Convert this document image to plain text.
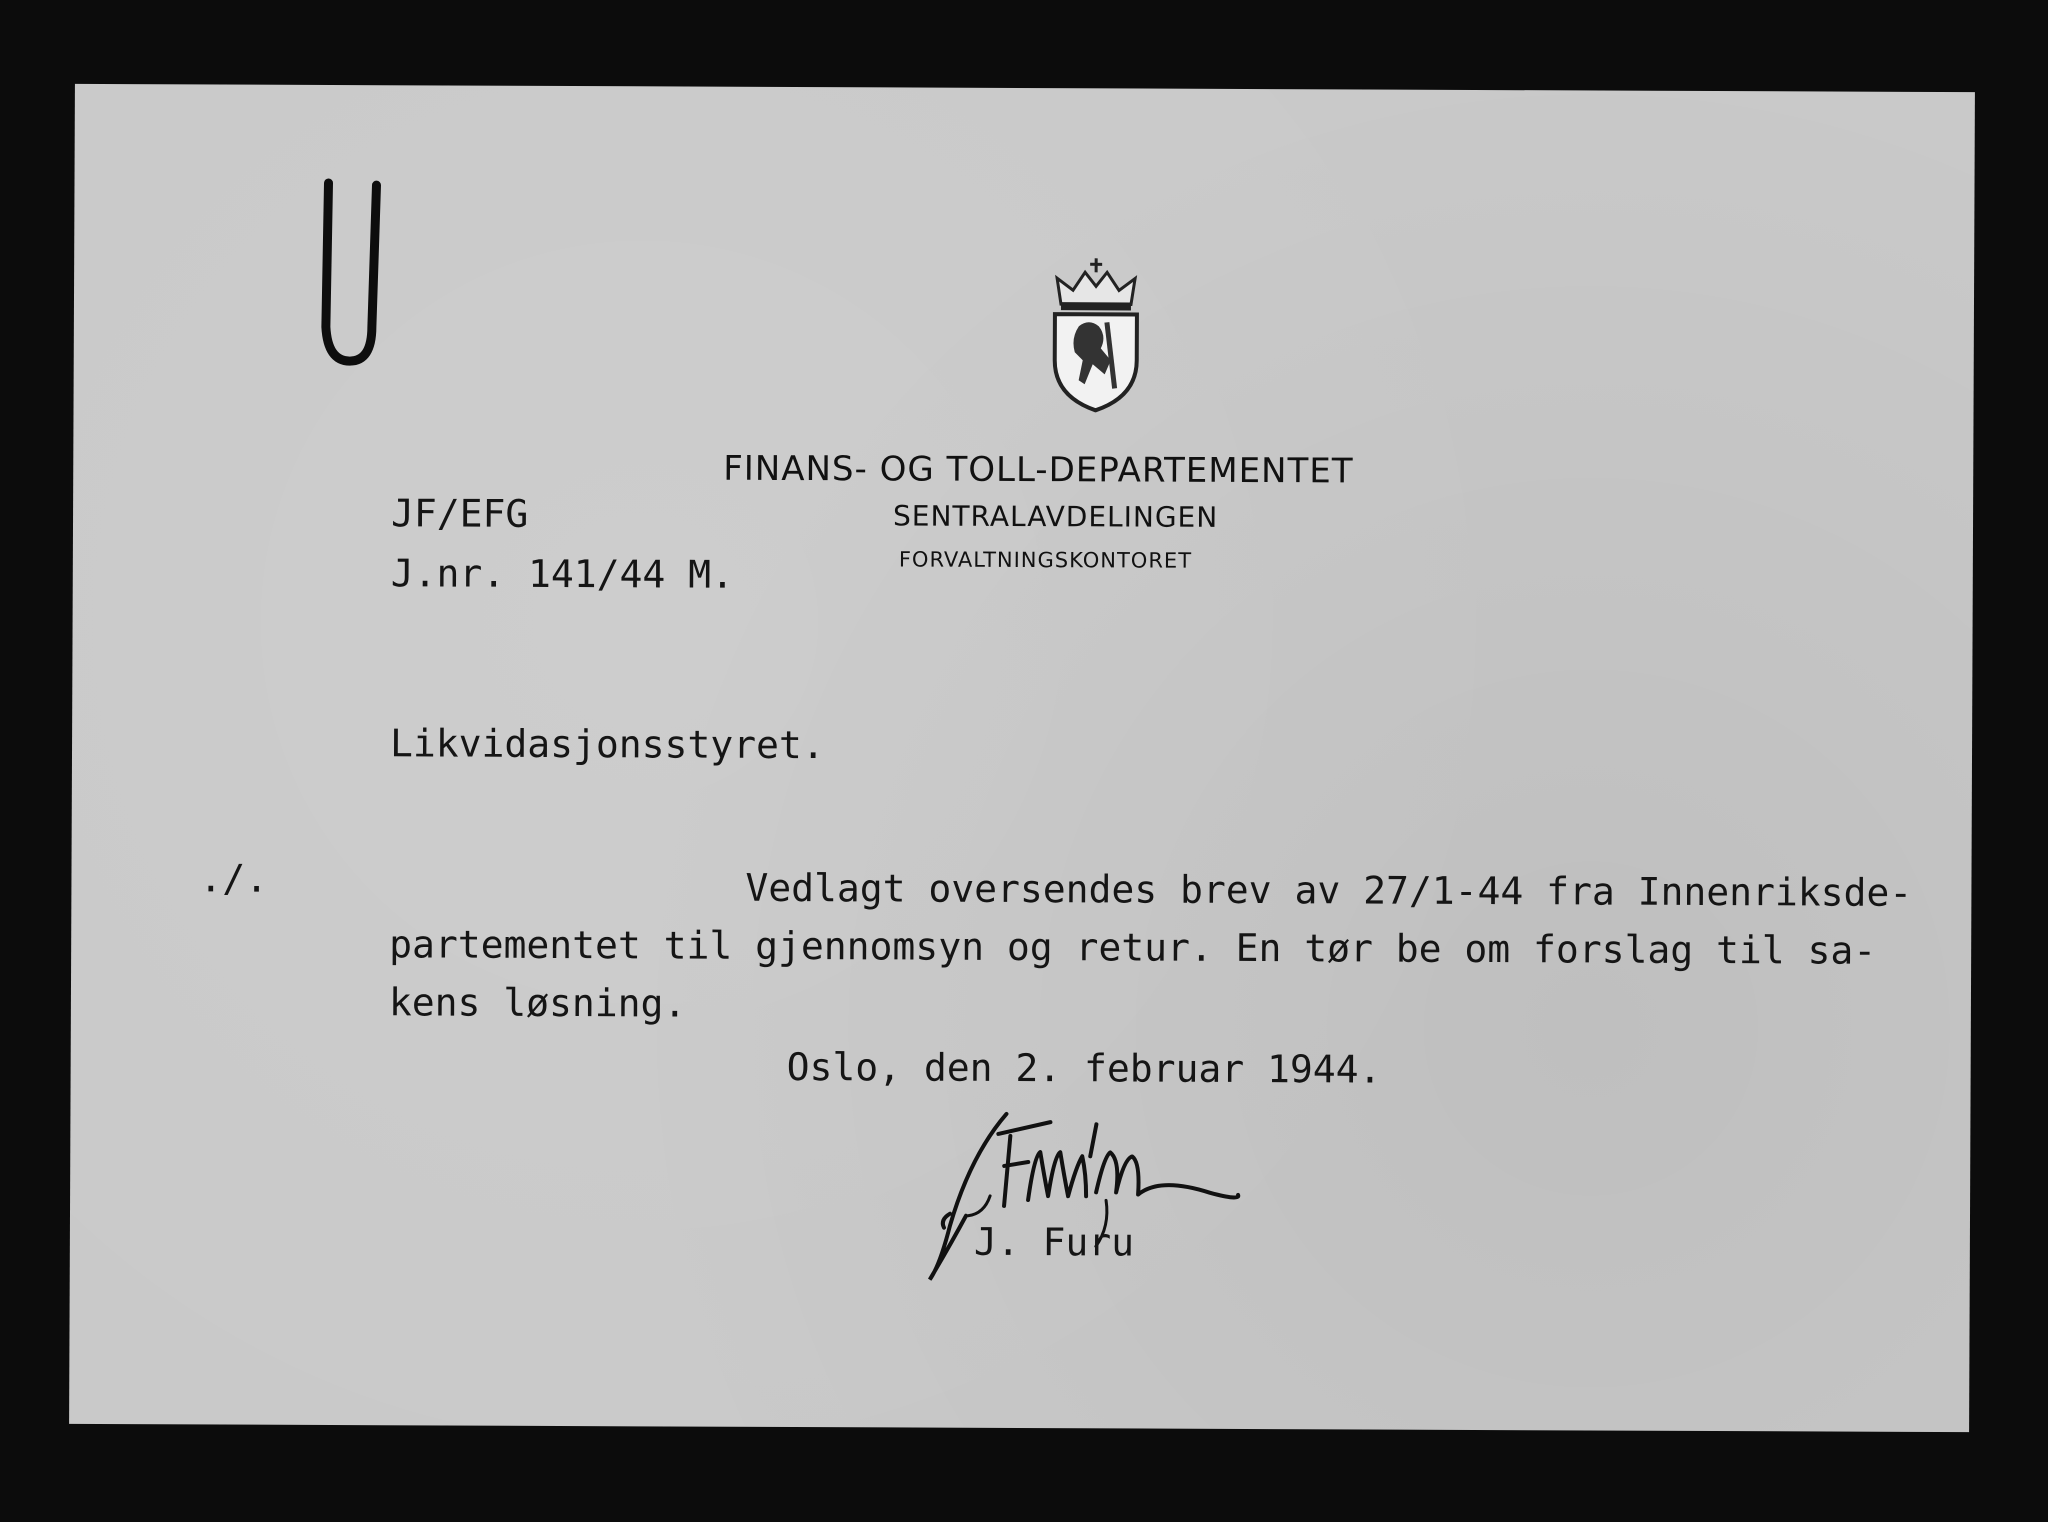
FINANS- OG TOLL-DEPARTEMENTET
SENTRALAVDELINGEN
FORVALTNINGSKONTORET
JF/EFG
J.nr. 141/44 M.
Likvidasjonsstyret.
./.	Vedlagt oversendes brev av 27/1-44 fra Innenriksde-
partementet til gjennomsyn og retur. En tør be om forslag til sa-
kens løsning.
Oslo, den 2. februar 1944.
J. Furu
